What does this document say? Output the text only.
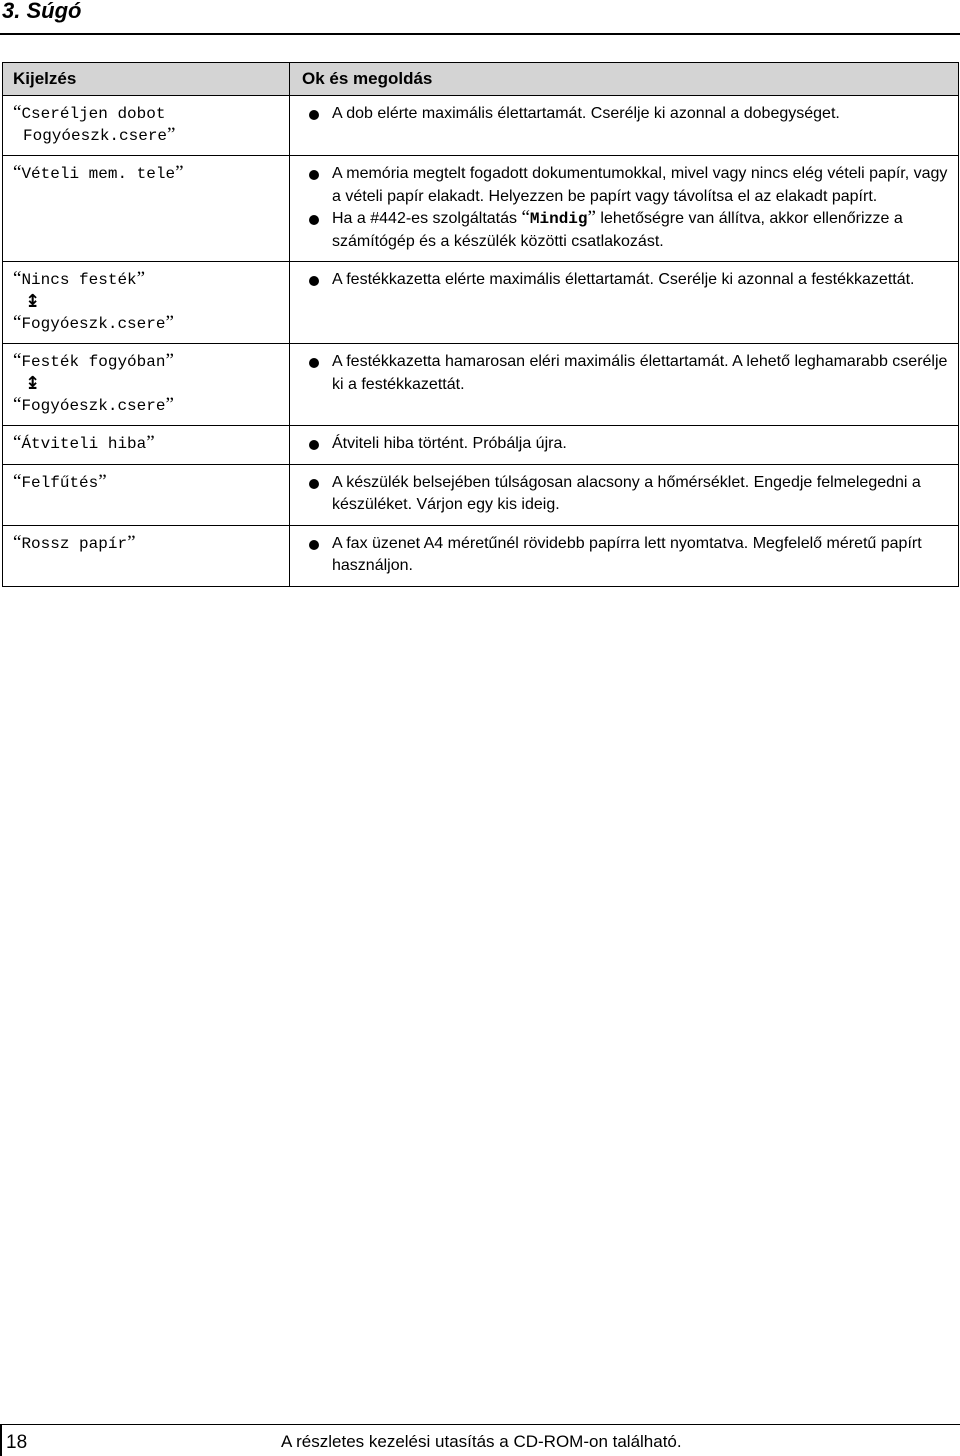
3. Súgó
Kijelzés	Ok és megoldás

“Cseréljen dobot
Fogyóeszk.csere”	A dob elérte maximális élettartamát. Cserélje ki azonnal a dobegységet.

“Vételi mem. tele”	A memória megtelt fogadott dokumentumokkal, mivel vagy nincs elég vételi papír, vagy a vételi papír elakadt. Helyezzen be papírt vagy távolítsa el az elakadt papírt.
Ha a #442-es szolgáltatás “Mindig” lehetőségre van állítva, akkor ellenőrizze a számítógép és a készülék közötti csatlakozást.

“Nincs festék”
↨
“Fogyóeszk.csere”	A festékkazetta elérte maximális élettartamát. Cserélje ki azonnal a festékkazettát.

“Festék fogyóban”
↨
“Fogyóeszk.csere”	A festékkazetta hamarosan eléri maximális élettartamát. A lehető leghamarabb cserélje ki a festékkazettát.

“Átviteli hiba”	Átviteli hiba történt. Próbálja újra.

“Felfűtés”	A készülék belsejében túlságosan alacsony a hőmérséklet. Engedje felmelegedni a készüléket. Várjon egy kis ideig.

“Rossz papír”	A fax üzenet A4 méretűnél rövidebb papírra lett nyomtatva. Megfelelő méretű papírt használjon.
18	A részletes kezelési utasítás a CD-ROM-on található.
